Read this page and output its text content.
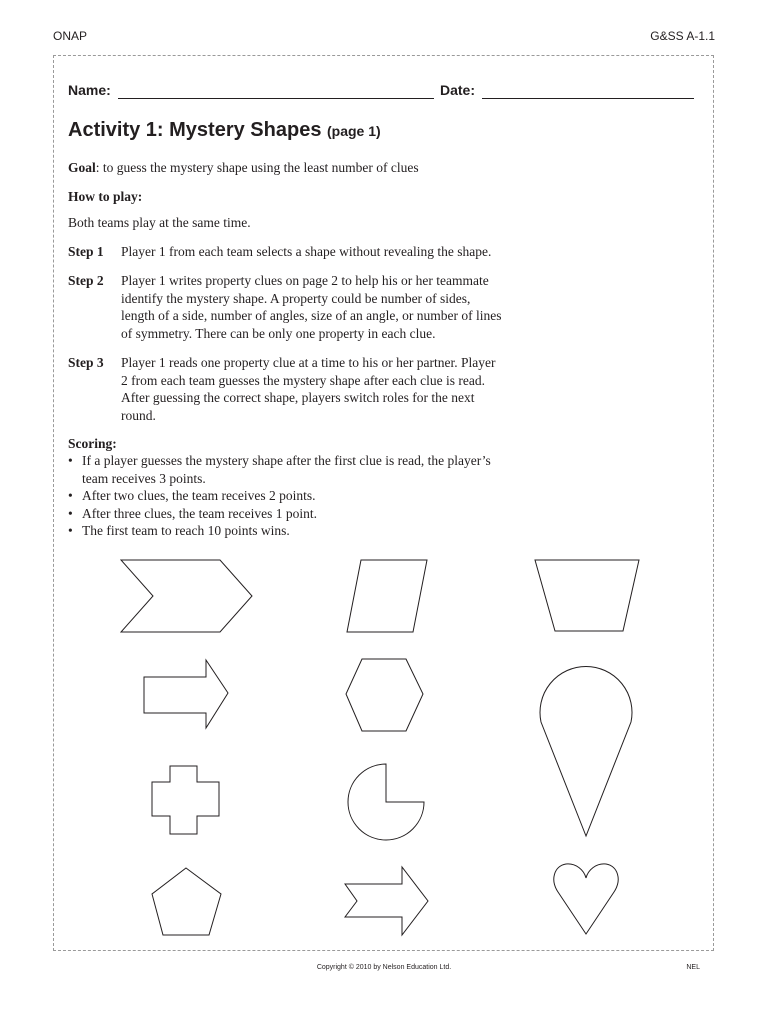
ONAP	G&SS A-1.1
Name:	Date:
Activity 1: Mystery Shapes (page 1)
Goal: to guess the mystery shape using the least number of clues
How to play:
Both teams play at the same time.
Step 1 Player 1 from each team selects a shape without revealing the shape.
Step 2 Player 1 writes property clues on page 2 to help his or her teammate
identify the mystery shape. A property could be number of sides,
length of a side, number of angles, size of an angle, or number of lines
of symmetry. There can be only one property in each clue.
Step 3 Player 1 reads one property clue at a time to his or her partner. Player
2 from each team guesses the mystery shape after each clue is read.
After guessing the correct shape, players switch roles for the next
round.
Scoring:
• If a player guesses the mystery shape after the first clue is read, the player’s
team receives 3 points.
• After two clues, the team receives 2 points.
• After three clues, the team receives 1 point.
• The first team to reach 10 points wins.
Copyright © 2010 by Nelson Education Ltd.	NEL
